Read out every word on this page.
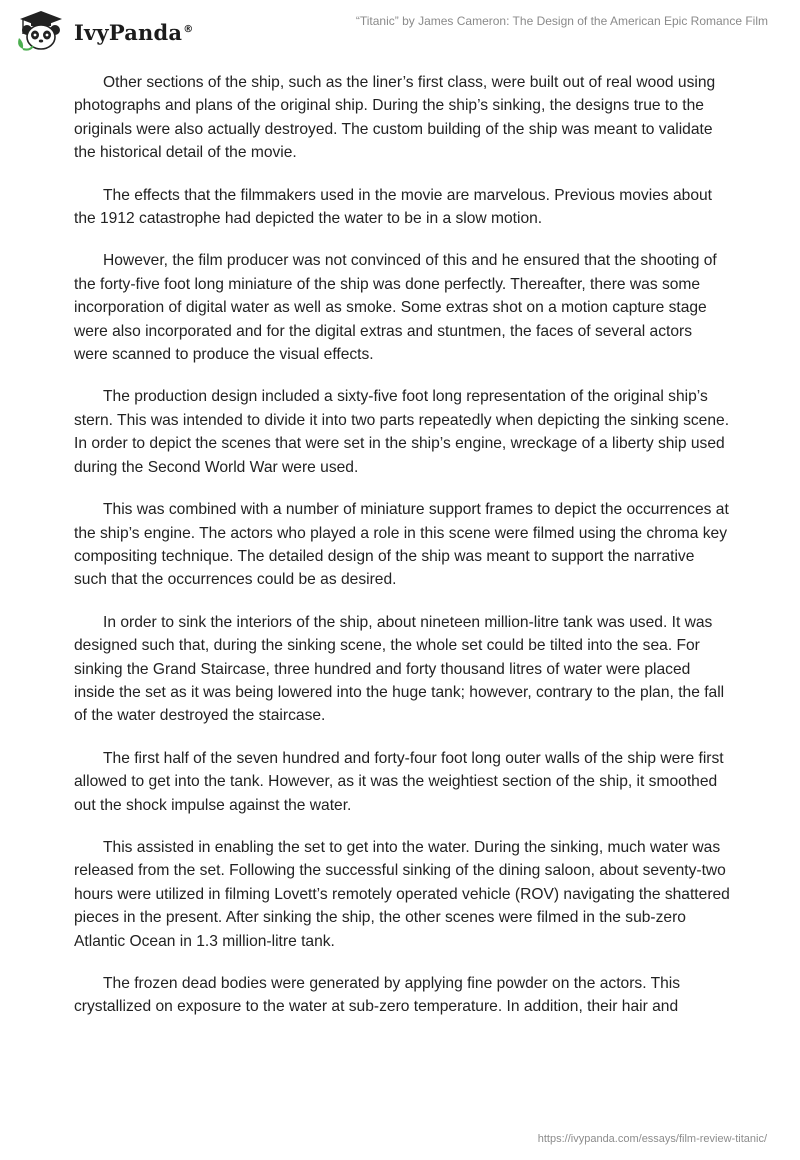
IvyPanda®
“Titanic” by James Cameron: The Design of the American Epic Romance Film

Other sections of the ship, such as the liner’s first class, were built out of real wood using photographs and plans of the original ship. During the ship’s sinking, the designs true to the originals were also actually destroyed. The custom building of the ship was meant to validate the historical detail of the movie.

The effects that the filmmakers used in the movie are marvelous. Previous movies about the 1912 catastrophe had depicted the water to be in a slow motion.

However, the film producer was not convinced of this and he ensured that the shooting of the forty-five foot long miniature of the ship was done perfectly. Thereafter, there was some incorporation of digital water as well as smoke. Some extras shot on a motion capture stage were also incorporated and for the digital extras and stuntmen, the faces of several actors were scanned to produce the visual effects.

The production design included a sixty-five foot long representation of the original ship’s stern. This was intended to divide it into two parts repeatedly when depicting the sinking scene. In order to depict the scenes that were set in the ship’s engine, wreckage of a liberty ship used during the Second World War were used.

This was combined with a number of miniature support frames to depict the occurrences at the ship’s engine. The actors who played a role in this scene were filmed using the chroma key compositing technique. The detailed design of the ship was meant to support the narrative such that the occurrences could be as desired.

In order to sink the interiors of the ship, about nineteen million-litre tank was used. It was designed such that, during the sinking scene, the whole set could be tilted into the sea. For sinking the Grand Staircase, three hundred and forty thousand litres of water were placed inside the set as it was being lowered into the huge tank; however, contrary to the plan, the fall of the water destroyed the staircase.

The first half of the seven hundred and forty-four foot long outer walls of the ship were first allowed to get into the tank. However, as it was the weightiest section of the ship, it smoothed out the shock impulse against the water.

This assisted in enabling the set to get into the water. During the sinking, much water was released from the set. Following the successful sinking of the dining saloon, about seventy-two hours were utilized in filming Lovett’s remotely operated vehicle (ROV) navigating the shattered pieces in the present. After sinking the ship, the other scenes were filmed in the sub-zero Atlantic Ocean in 1.3 million-litre tank.

The frozen dead bodies were generated by applying fine powder on the actors. This crystallized on exposure to the water at sub-zero temperature. In addition, their hair and

https://ivypanda.com/essays/film-review-titanic/
